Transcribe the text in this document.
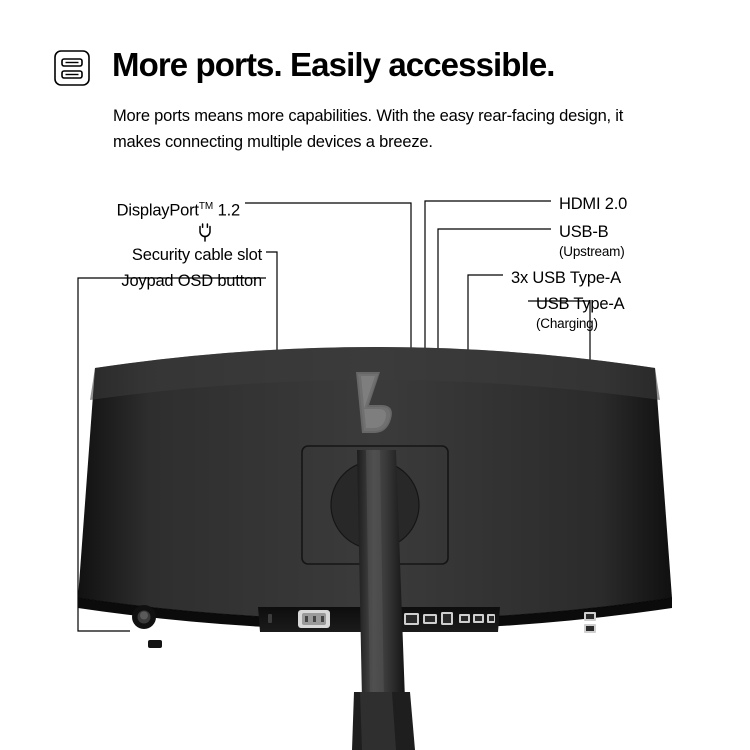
More ports. Easily accessible.
More ports means more capabilities. With the easy rear-facing design, it makes connecting multiple devices a breeze.
DisplayPort™ 1.2
Security cable slot
Joypad OSD button
HDMI 2.0
USB-B
(Upstream)
3x USB Type-A
USB Type-A
(Charging)
